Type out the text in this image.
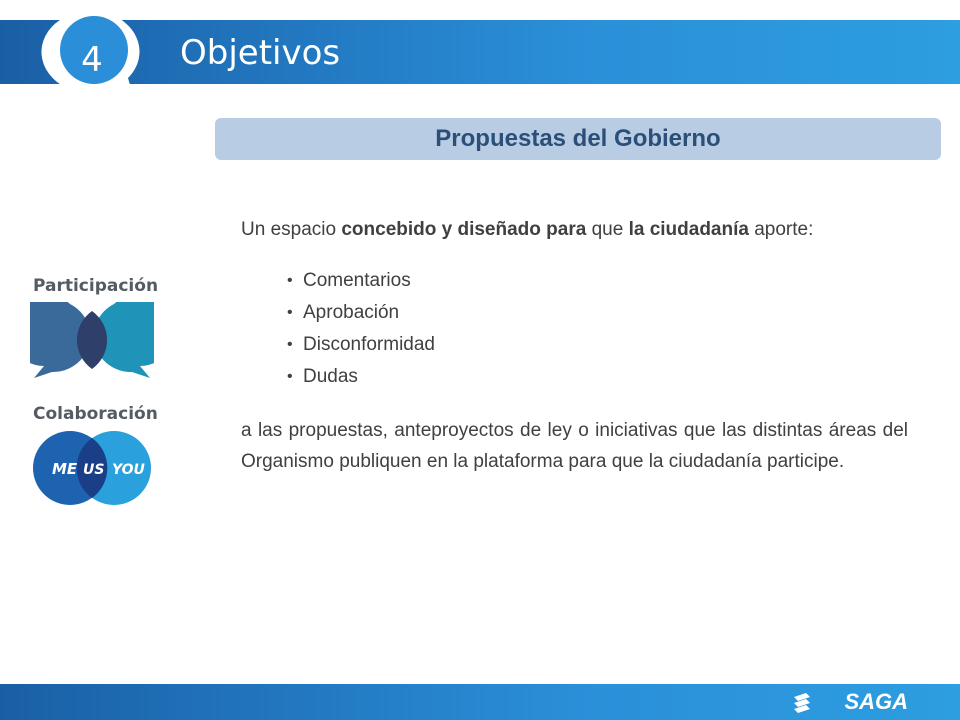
4	Objetivos
Propuestas del Gobierno

Un espacio concebido y diseñado para que la ciudadanía aporte:

• Comentarios
• Aprobación
• Disconformidad
• Dudas

a las propuestas, anteproyectos de ley o iniciativas que las distintas áreas del Organismo publiquen en la plataforma para que la ciudadanía participe.

Participación
Colaboración
ME US YOU
SAGA
